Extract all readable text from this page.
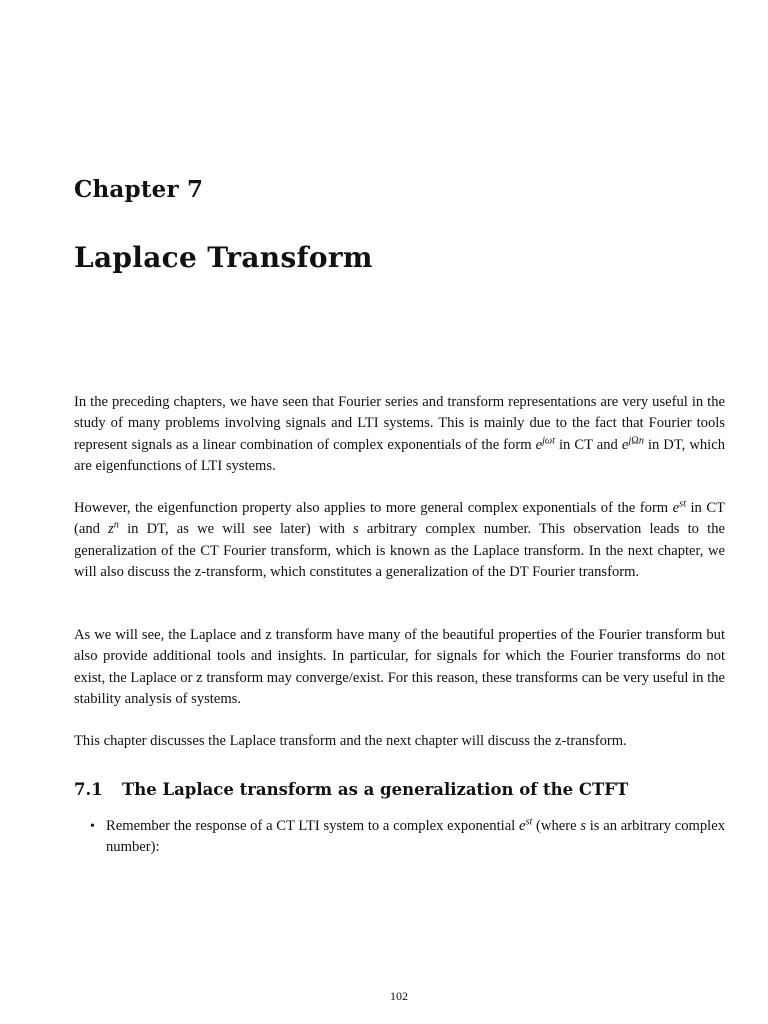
Chapter 7
Laplace Transform

In the preceding chapters, we have seen that Fourier series and transform representations are very useful in the study of many problems involving signals and LTI systems. This is mainly due to the fact that Fourier tools represent signals as a linear combination of complex exponentials of the form $e^{j\omega t}$ in CT and $e^{j\Omega n}$ in DT, which are eigenfunctions of LTI systems.

However, the eigenfunction property also applies to more general complex exponentials of the form $e^{st}$ in CT (and $z^n$ in DT, as we will see later) with s arbitrary complex number. This observation leads to the generalization of the CT Fourier transform, which is known as the Laplace transform. In the next chapter, we will also discuss the z-transform, which constitutes a generalization of the DT Fourier transform.

As we will see, the Laplace and z transform have many of the beautiful properties of the Fourier transform but also provide additional tools and insights. In particular, for signals for which the Fourier transforms do not exist, the Laplace or z transform may converge/exist. For this reason, these transforms can be very useful in the stability analysis of systems.

This chapter discusses the Laplace transform and the next chapter will discuss the z-transform.

7.1 The Laplace transform as a generalization of the CTFT
• Remember the response of a CT LTI system to a complex exponential $e^{st}$ (where s is an arbitrary complex number):
102
